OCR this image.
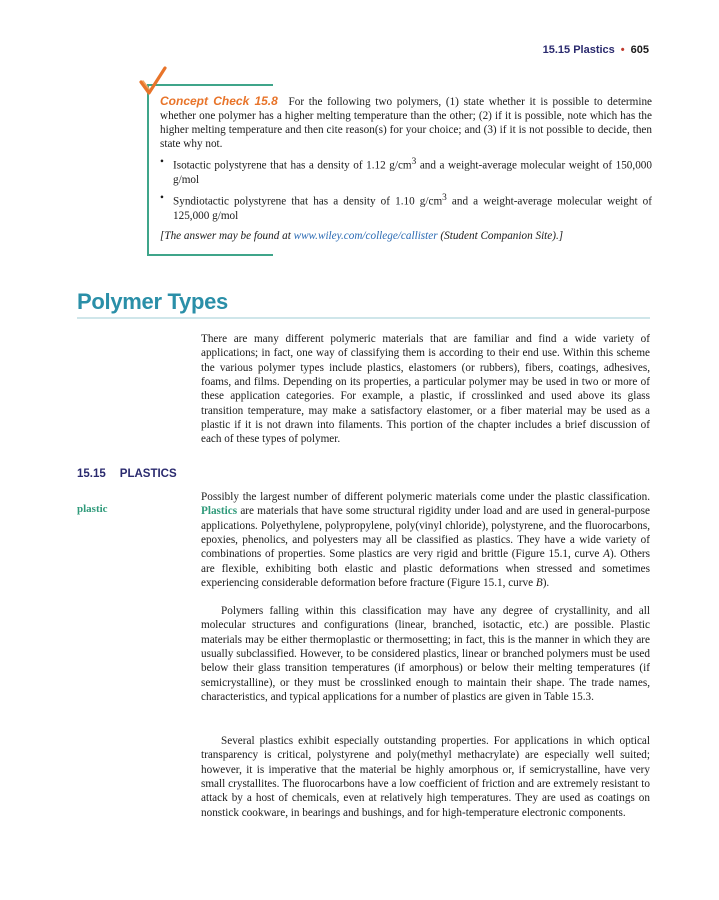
15.15 Plastics • 605
Concept Check 15.8 For the following two polymers, (1) state whether it is possible to determine whether one polymer has a higher melting temperature than the other; (2) if it is possible, note which has the higher melting temperature and then cite reason(s) for your choice; and (3) if it is not possible to decide, then state why not.
• Isotactic polystyrene that has a density of 1.12 $g/cm^3$ and a weight-average molecular weight of 150,000 g/mol
• Syndiotactic polystyrene that has a density of 1.10 $g/cm^3$ and a weight-average molecular weight of 125,000 g/mol
[The answer may be found at www.wiley.com/college/callister (Student Companion Site).]
Polymer Types

There are many different polymeric materials that are familiar and find a wide variety of applications; in fact, one way of classifying them is according to their end use. Within this scheme the various polymer types include plastics, elastomers (or rubbers), fibers, coatings, adhesives, foams, and films. Depending on its properties, a particular polymer may be used in two or more of these application categories. For example, a plastic, if crosslinked and used above its glass transition temperature, may make a satisfactory elastomer, or a fiber material may be used as a plastic if it is not drawn into filaments. This portion of the chapter includes a brief discussion of each of these types of polymer.

15.15 PLASTICS
plastic

Possibly the largest number of different polymeric materials come under the plastic classification. Plastics are materials that have some structural rigidity under load and are used in general-purpose applications. Polyethylene, polypropylene, poly(vinyl chloride), polystyrene, and the fluorocarbons, epoxies, phenolics, and polyesters may all be classified as plastics. They have a wide variety of combinations of properties. Some plastics are very rigid and brittle (Figure 15.1, curve A). Others are flexible, exhibiting both elastic and plastic deformations when stressed and sometimes experiencing considerable deformation before fracture (Figure 15.1, curve B).

Polymers falling within this classification may have any degree of crystallinity, and all molecular structures and configurations (linear, branched, isotactic, etc.) are possible. Plastic materials may be either thermoplastic or thermosetting; in fact, this is the manner in which they are usually subclassified. However, to be considered plastics, linear or branched polymers must be used below their glass transition temperatures (if amorphous) or below their melting temperatures (if semicrystalline), or they must be crosslinked enough to maintain their shape. The trade names, characteristics, and typical applications for a number of plastics are given in Table 15.3.

Several plastics exhibit especially outstanding properties. For applications in which optical transparency is critical, polystyrene and poly(methyl methacrylate) are especially well suited; however, it is imperative that the material be highly amorphous or, if semicrystalline, have very small crystallites. The fluorocarbons have a low coefficient of friction and are extremely resistant to attack by a host of chemicals, even at relatively high temperatures. They are used as coatings on nonstick cookware, in bearings and bushings, and for high-temperature electronic components.
